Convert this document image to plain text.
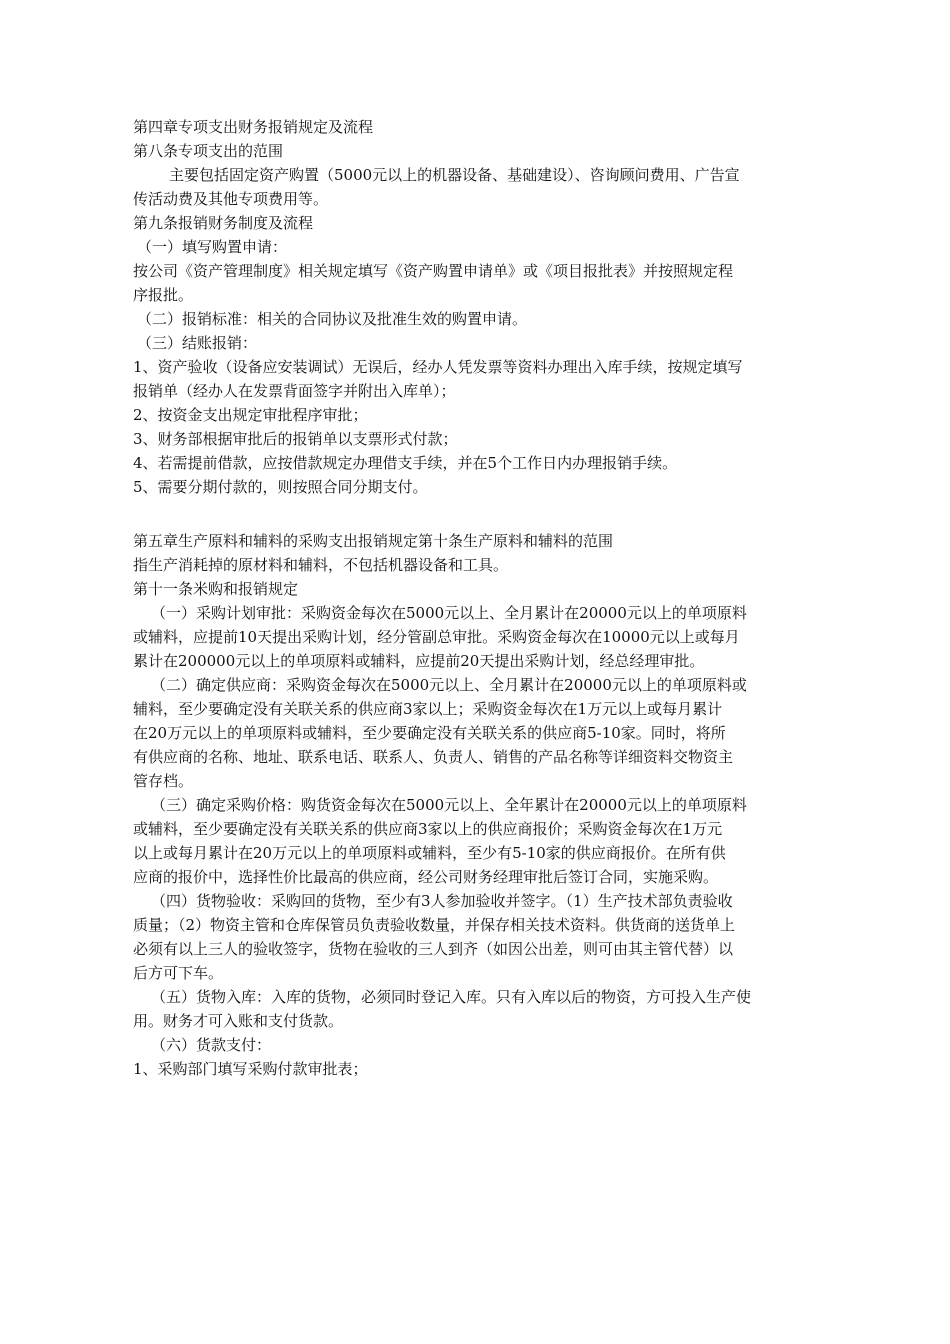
第四章专项支出财务报销规定及流程
第八条专项支出的范围
主要包括固定资产购置（5000元以上的机器设备、基础建设）、咨询顾问费用、广告宣
传活动费及其他专项费用等。
第九条报销财务制度及流程
（一）填写购置申请：
按公司《资产管理制度》相关规定填写《资产购置申请单》或《项目报批表》并按照规定程
序报批。
（二）报销标准：相关的合同协议及批准生效的购置申请。
（三）结账报销：
1、资产验收（设备应安装调试）无误后，经办人凭发票等资料办理出入库手续，按规定填写
报销单（经办人在发票背面签字并附出入库单）；
2、按资金支出规定审批程序审批；
3、财务部根据审批后的报销单以支票形式付款；
4、若需提前借款，应按借款规定办理借支手续，并在5个工作日内办理报销手续。
5、需要分期付款的，则按照合同分期支付。
第五章生产原料和辅料的采购支出报销规定第十条生产原料和辅料的范围
指生产消耗掉的原材料和辅料，不包括机器设备和工具。
第十一条米购和报销规定
（一）采购计划审批：采购资金每次在5000元以上、全月累计在20000元以上的单项原料
或辅料，应提前10天提出采购计划，经分管副总审批。采购资金每次在10000元以上或每月
累计在200000元以上的单项原料或辅料，应提前20天提出采购计划，经总经理审批。
（二）确定供应商：采购资金每次在5000元以上、全月累计在20000元以上的单项原料或
辅料，至少要确定没有关联关系的供应商3家以上；采购资金每次在1万元以上或每月累计
在20万元以上的单项原料或辅料，至少要确定没有关联关系的供应商5-10家。同时，将所
有供应商的名称、地址、联系电话、联系人、负责人、销售的产品名称等详细资料交物资主
管存档。
（三）确定采购价格：购货资金每次在5000元以上、全年累计在20000元以上的单项原料
或辅料，至少要确定没有关联关系的供应商3家以上的供应商报价；采购资金每次在1万元
以上或每月累计在20万元以上的单项原料或辅料，至少有5-10家的供应商报价。在所有供
应商的报价中，选择性价比最高的供应商，经公司财务经理审批后签订合同，实施采购。
（四）货物验收：采购回的货物，至少有3人参加验收并签字。（1）生产技术部负责验收
质量；（2）物资主管和仓库保管员负责验收数量，并保存相关技术资料。供货商的送货单上
必须有以上三人的验收签字，货物在验收的三人到齐（如因公出差，则可由其主管代替）以
后方可下车。
（五）货物入库：入库的货物，必须同时登记入库。只有入库以后的物资，方可投入生产使
用。财务才可入账和支付货款。
（六）货款支付：
1、采购部门填写采购付款审批表；
